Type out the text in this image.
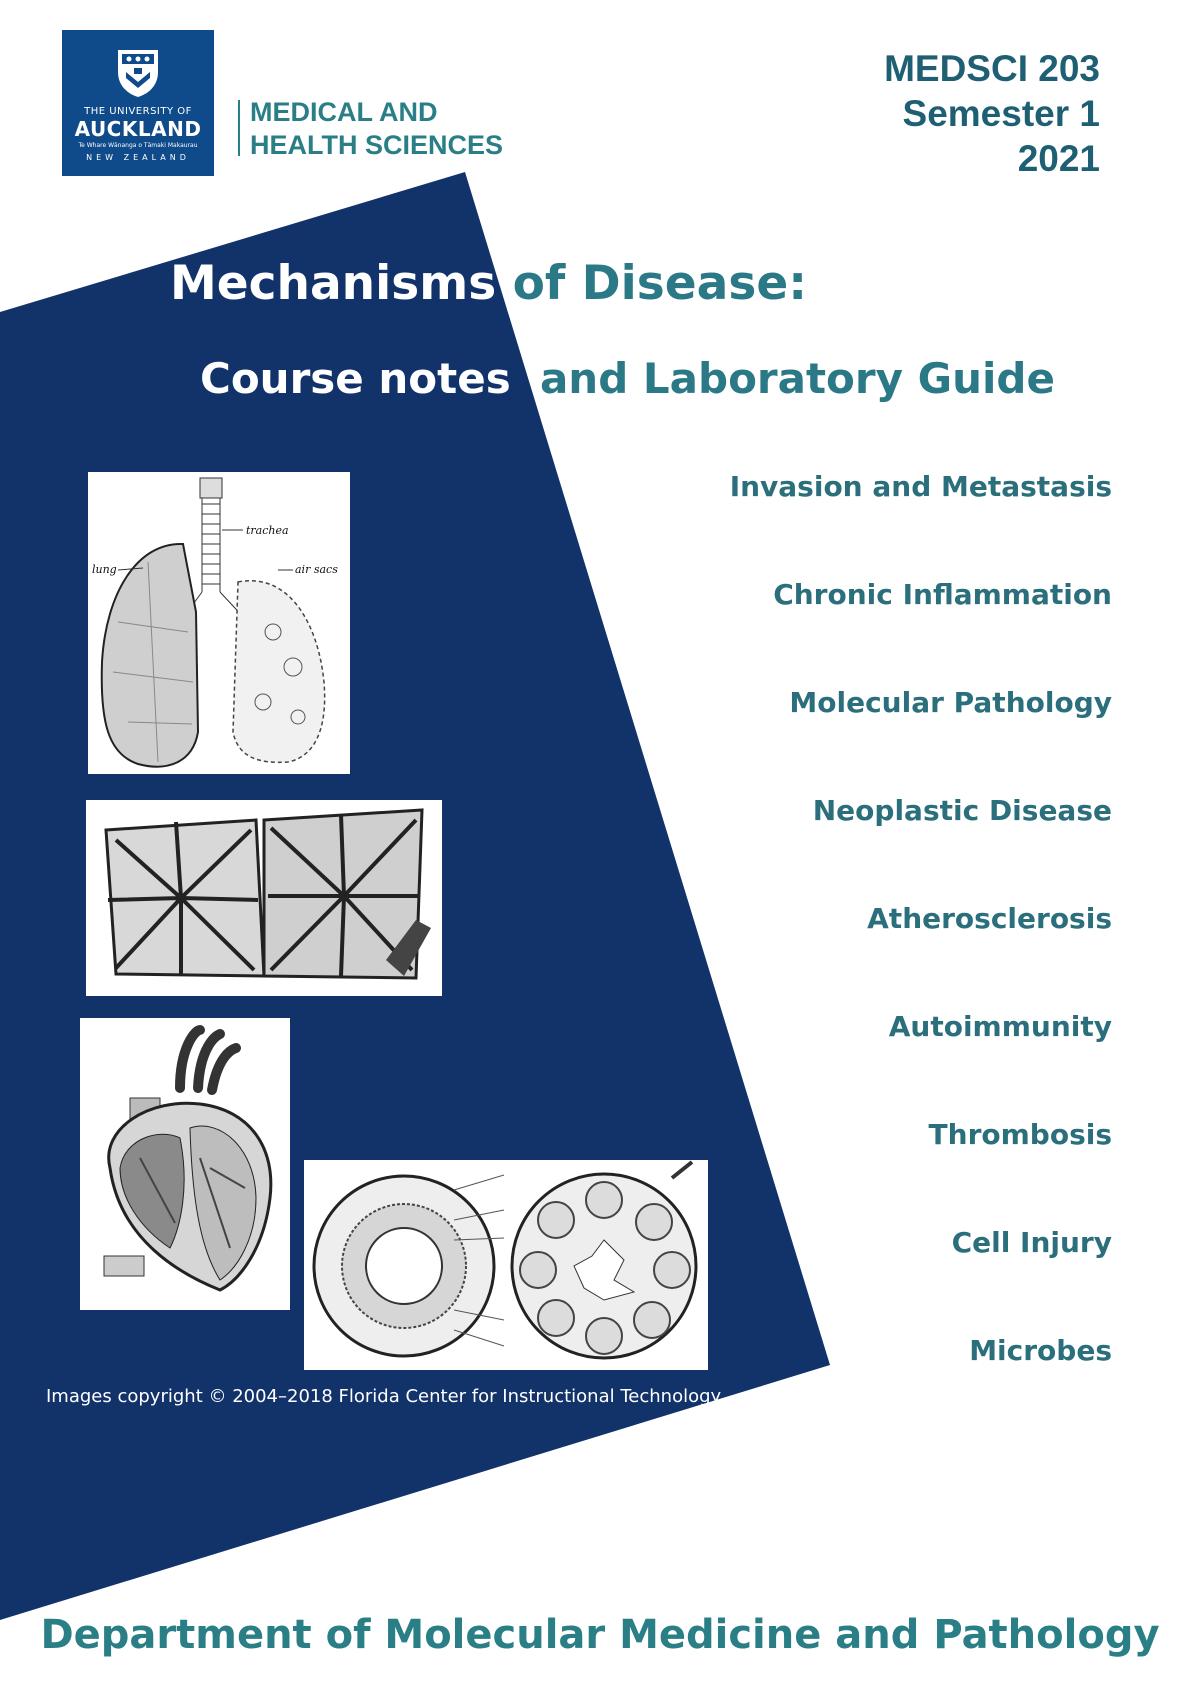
THE UNIVERSITY OF
AUCKLAND
Te Whare Wānanga o Tāmaki Makaurau
NEW ZEALAND
MEDICAL AND
HEALTH SCIENCES
MEDSCI 203
Semester 1
2021
Mechanisms of Disease:
Course notes and Laboratory Guide
Invasion and Metastasis
Chronic Inflammation
Molecular Pathology
Neoplastic Disease
Atherosclerosis
Autoimmunity
Thrombosis
Cell Injury
Microbes
trachea
lung	air sacs
Images copyright © 2004–2018 Florida Center for Instructional Technology
Department of Molecular Medicine and Pathology
